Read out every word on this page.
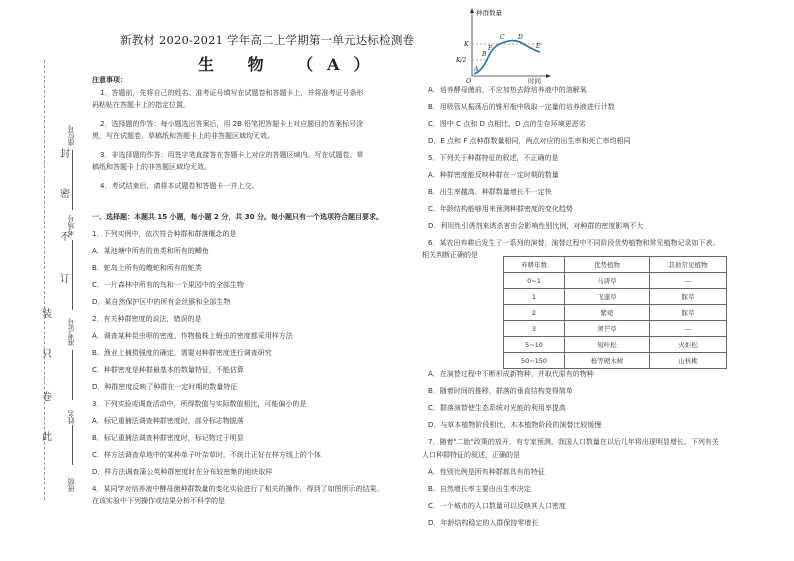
封
密
不
订
装
只
卷
此
座位号
考场号
准考证号
姓名
班级
新教材 2020-2021 学年高二上学期第一单元达标检测卷
生 物 （A）
注意事项：
1．答题前，先将自己的姓名、准考证号填写在试题卷和答题卡上，并将准考证号条形
码粘贴在答题卡上的指定位置。
2．选择题的作答：每小题选出答案后，用 2B 铅笔把答题卡上对应题目的答案标号涂
黑，写在试题卷、草稿纸和答题卡上的非答题区域均无效。
3．非选择题的作答：用签字笔直接答在答题卡上对应的答题区域内。写在试题卷、草
稿纸和答题卡上的非答题区域均无效。
4．考试结束后，请将本试题卷和答题卡一并上交。
一、选择题：本题共 15 小题，每小题 2 分，共 30 分。每小题只有一个选项符合题目要求。
1．下列实例中，依次符合种群和群落概念的是
A．某池塘中所有的鱼类和所有的鲫鱼
B．蛇岛上所有的蝮蛇和所有的蛇类
C．一片森林中所有的鸟和一个果园中的全部生物
D．某自然保护区中的所有金丝猴和全部生物
2．有关种群密度的说法，错误的是
A．调查某种昆虫卵的密度、作物植株上蚜虫的密度都采用样方法
B．渔业上捕捞强度的确定，需要对种群密度进行调查研究
C．种群密度是种群最基本的数量特征，不能估算
D．种群密度反映了种群在一定时期的数量特征
3．下列实验或调查活动中，所得数值与实际数值相比，可能偏小的是
A．标记重捕法调查种群密度时，部分标志物脱落
B．标记重捕法调查种群密度时，标记物过于明显
C．样方法调查草地中的某种单子叶杂草时，不统计正好在样方线上的个体
D．样方法调查蒲公英种群密度时在分布较密集的地块取样
4．某同学对培养液中酵母菌种群数量的变化实验进行了相关的操作，得到了如图所示的结果。
在该实验中下列操作或结果分析不科学的是
种群数量
时间
K
K/2
O
A
B
F
C D
E
A．培养酵母菌前，不应加热去除培养液中的溶解氧
B．用吸管从振荡后的锥形瓶中吸取一定量的培养液进行计数
C．图中 C 点和 D 点相比，D 点的生存环境更恶劣
D．E 点和 F 点种群数量相同，两点对应的出生率和死亡率均相同
5．下列关于种群特征的叙述，不正确的是
A．种群密度能反映种群在一定时期的数量
B．出生率越高，种群数量增长不一定快
C．年龄结构能够用来预测种群密度的变化趋势
D．利用性引诱剂来诱杀害虫会影响性别比例，对种群的密度影响不大
6．某农田弃耕后发生了一系列的演替，演替过程中不同阶段优势植物和常见植物记录如下表。
相关判断正确的是
弃耕年数	优势植物	其他常见植物
0~1	马唐草	—
1	飞蓬草	豚草
2	紫菀	豚草
3	须芒草	—
5~10	短叶松	火炬松
50~150	栎等硬木树	山核桃
A．在演替过程中不断形成新物种，并取代原有的物种
B．随着时间的推移，群落的垂直结构变得简单
C．群落演替使生态系统对光能的利用率提高
D．与草本植物阶段相比，木本植物阶段的演替比较缓慢
7．随着"二胎"政策的放开，有专家预测，我国人口数量在以后几年将出现明显增长。下列有关
人口种群特征的叙述，正确的是
A．性别比例是所有种群都具有的特征
B．自然增长率主要由出生率决定
C．一个城市的人口数量可以反映其人口密度
D．年龄结构稳定的人群保持零增长
